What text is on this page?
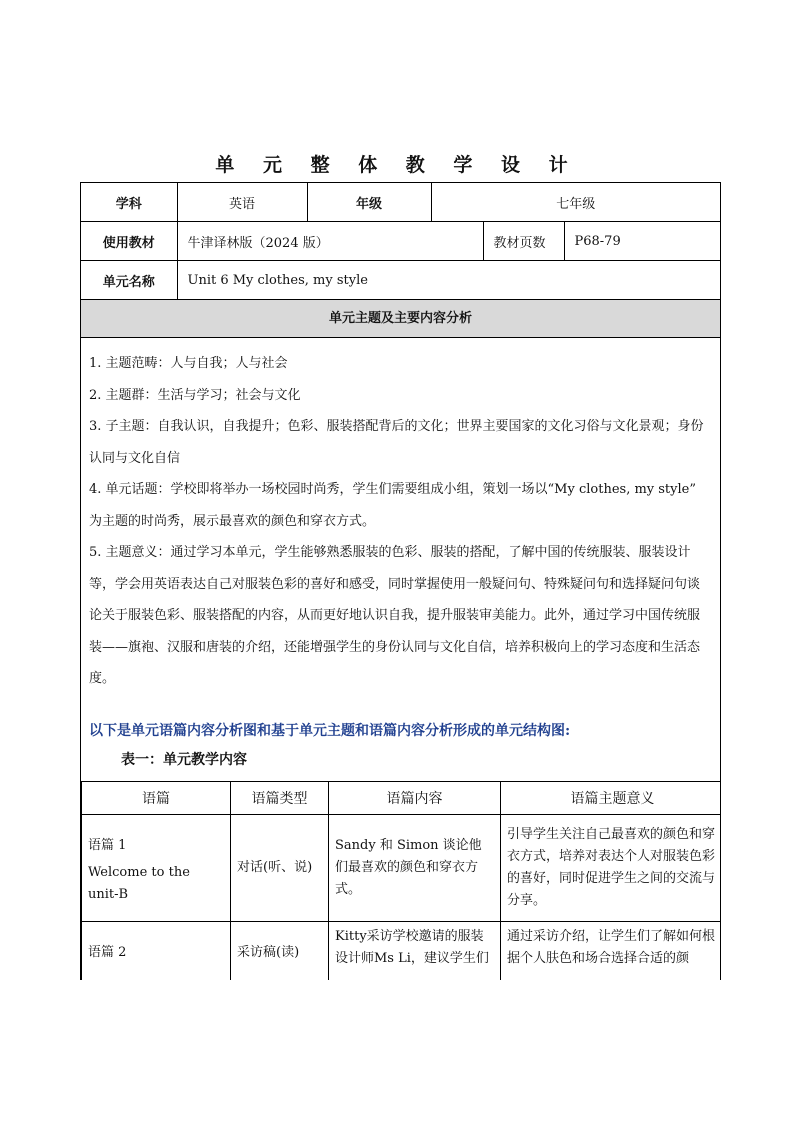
单 元 整 体 教 学 设 计
学科	英语	年级	七年级		
使用教材	牛津译林版（2024 版）			教材页数	P68-79
单元名称	Unit 6 My clothes, my style				
单元主题及主要内容分析

1. 主题范畴：人与自我；人与社会

2. 主题群：生活与学习；社会与文化

3. 子主题：自我认识，自我提升；色彩、服装搭配背后的文化；世界主要国家的文化习俗与文化景观；身份认同与文化自信

4. 单元话题：学校即将举办一场校园时尚秀，学生们需要组成小组，策划一场以“My clothes, my style” 为主题的时尚秀，展示最喜欢的颜色和穿衣方式。

5. 主题意义：通过学习本单元，学生能够熟悉服装的色彩、服装的搭配，了解中国的传统服装、服装设计等，学会用英语表达自己对服装色彩的喜好和感受，同时掌握使用一般疑问句、特殊疑问句和选择疑问句谈论关于服装色彩、服装搭配的内容，从而更好地认识自我，提升服装审美能力。此外，通过学习中国传统服装——旗袍、汉服和唐装的介绍，还能增强学生的身份认同与文化自信，培养积极向上的学习态度和生活态度。

以下是单元语篇内容分析图和基于单元主题和语篇内容分析形成的单元结构图:

表一：单元教学内容

语篇	语篇类型	语篇内容	语篇主题意义

语篇 1
Welcome to the unit-B	对话(听、说)	Sandy 和 Simon 谈论他们最喜欢的颜色和穿衣方式。	引导学生关注自己最喜欢的颜色和穿衣方式，培养对表达个人对服装色彩的喜好，同时促进学生之间的交流与分享。

语篇 2	采访稿(读)	Kitty采访学校邀请的服装设计师Ms Li，建议学生们	通过采访介绍，让学生们了解如何根据个人肤色和场合选择合适的颜
